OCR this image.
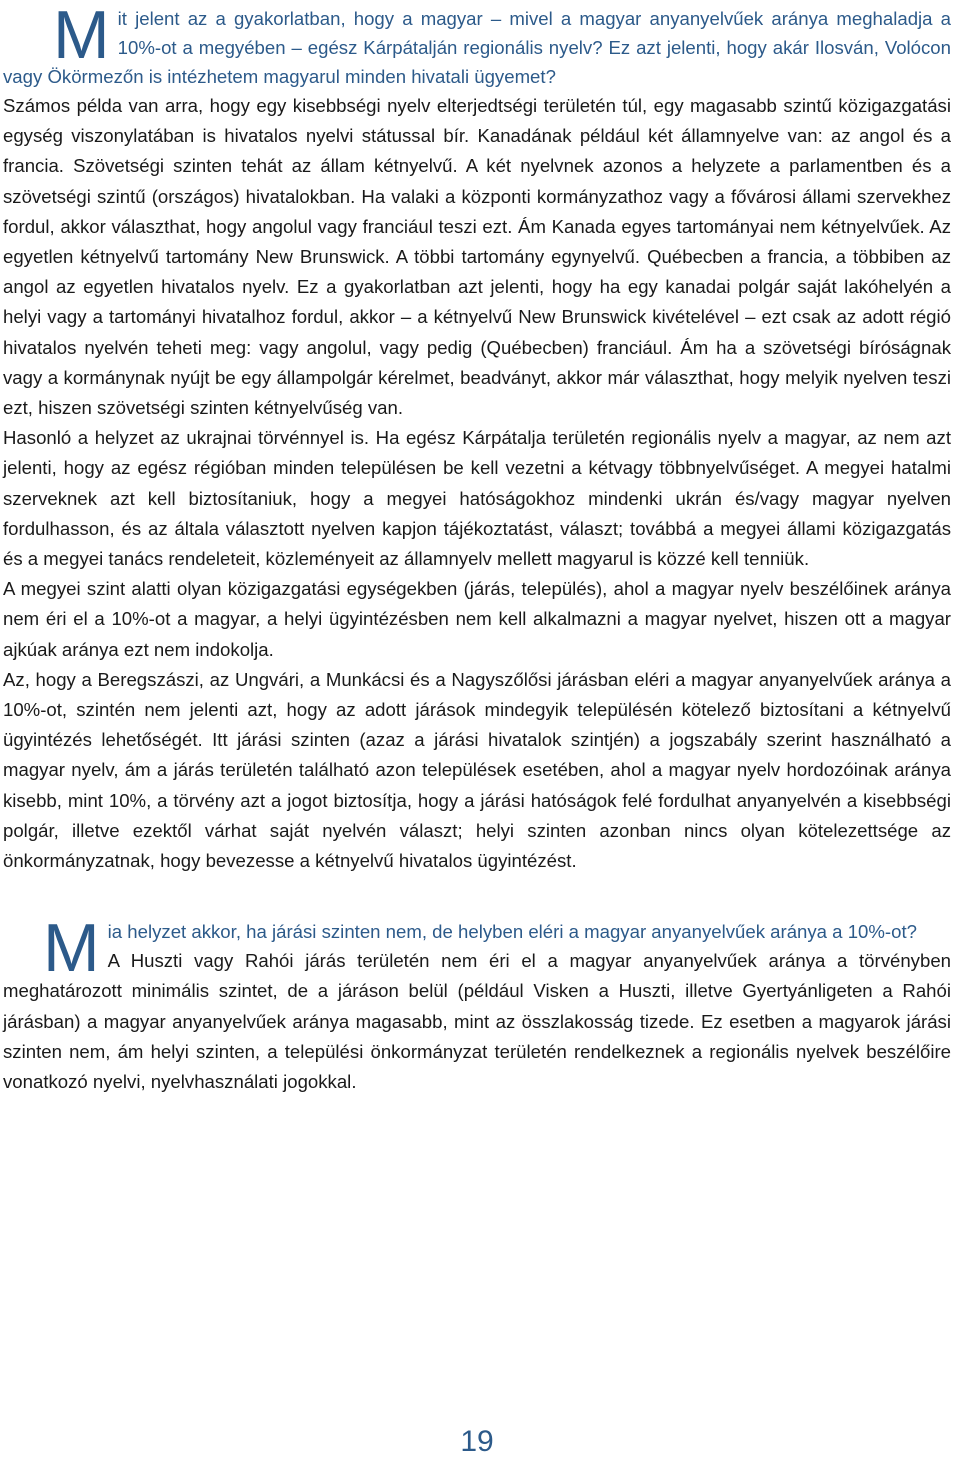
M it jelent az a gyakorlatban, hogy a magyar – mivel a magyar anyanyelvűek aránya meghaladja a 10%-ot a megyében – egész Kárpátalján regionális nyelv? Ez azt jelenti, hogy akár Ilosván, Volócon vagy Ökörmezőn is intézhetem magyarul minden hivatali ügyemet?

Számos példa van arra, hogy egy kisebbségi nyelv elterjedtségi területén túl, egy magasabb szintű közigazgatási egység viszonylatában is hivatalos nyelvi státussal bír. Kanadának például két államnyelve van: az angol és a francia. Szövetségi szinten tehát az állam kétnyelvű. A két nyelvnek azonos a helyzete a parlamentben és a szövetségi szintű (országos) hivatalokban. Ha valaki a központi kormányzathoz vagy a fővárosi állami szervekhez fordul, akkor választhat, hogy angolul vagy franciául teszi ezt. Ám Kanada egyes tartományai nem kétnyelvűek. Az egyetlen kétnyelvű tartomány New Brunswick. A többi tartomány egynyelvű. Québecben a francia, a többiben az angol az egyetlen hivatalos nyelv. Ez a gyakorlatban azt jelenti, hogy ha egy kanadai polgár saját lakóhelyén a helyi vagy a tartományi hivatalhoz fordul, akkor – a kétnyelvű New Brunswick kivételével – ezt csak az adott régió hivatalos nyelvén teheti meg: vagy angolul, vagy pedig (Québecben) franciául. Ám ha a szövetségi bíróságnak vagy a kormánynak nyújt be egy állampolgár kérelmet, beadványt, akkor már választhat, hogy melyik nyelven teszi ezt, hiszen szövetségi szinten kétnyelvűség van.

Hasonló a helyzet az ukrajnai törvénnyel is. Ha egész Kárpátalja területén regionális nyelv a magyar, az nem azt jelenti, hogy az egész régióban minden településen be kell vezetni a kétvagy többnyelvűséget. A megyei hatalmi szerveknek azt kell biztosítaniuk, hogy a megyei hatóságokhoz mindenki ukrán és/vagy magyar nyelven fordulhasson, és az általa választott nyelven kapjon tájékoztatást, választ; továbbá a megyei állami közigazgatás és a megyei tanács rendeleteit, közleményeit az államnyelv mellett magyarul is közzé kell tenniük.

A megyei szint alatti olyan közigazgatási egységekben (járás, település), ahol a magyar nyelv beszélőinek aránya nem éri el a 10%-ot a magyar, a helyi ügyintézésben nem kell alkalmazni a magyar nyelvet, hiszen ott a magyar ajkúak aránya ezt nem indokolja.

Az, hogy a Beregszászi, az Ungvári, a Munkácsi és a Nagyszőlősi járásban eléri a magyar anyanyelvűek aránya a 10%-ot, szintén nem jelenti azt, hogy az adott járások mindegyik településén kötelező biztosítani a kétnyelvű ügyintézés lehetőségét. Itt járási szinten (azaz a járási hivatalok szintjén) a jogszabály szerint használható a magyar nyelv, ám a járás területén található azon települések esetében, ahol a magyar nyelv hordozóinak aránya kisebb, mint 10%, a törvény azt a jogot biztosítja, hogy a járási hatóságok felé fordulhat anyanyelvén a kisebbségi polgár, illetve ezektől várhat saját nyelvén választ; helyi szinten azonban nincs olyan kötelezettsége az önkormányzatnak, hogy bevezesse a kétnyelvű hivatalos ügyintézést.

M ia helyzet akkor, ha járási szinten nem, de helyben eléri a magyar anyanyelvűek aránya a 10%-ot?

A Huszti vagy Rahói járás területén nem éri el a magyar anyanyelvűek aránya a törvényben meghatározott minimális szintet, de a járáson belül (például Visken a Huszti, illetve Gyertyánligeten a Rahói járásban) a magyar anyanyelvűek aránya magasabb, mint az összlakosság tizede. Ez esetben a magyarok járási szinten nem, ám helyi szinten, a települési önkormányzat területén rendelkeznek a regionális nyelvek beszélőire vonatkozó nyelvi, nyelvhasználati jogokkal.

19
